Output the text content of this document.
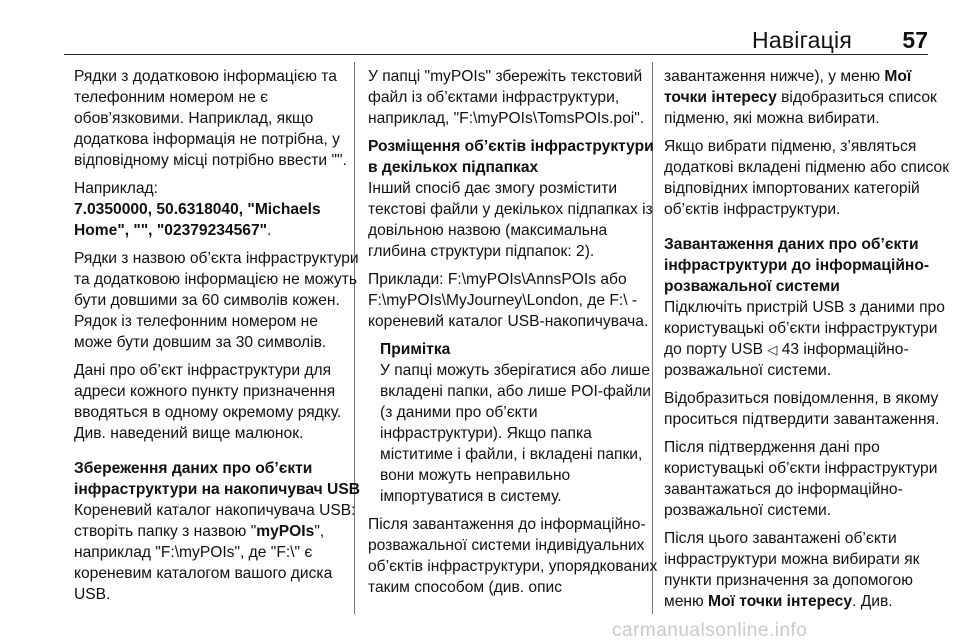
Навігація 57
Рядки з додатковою інформацією та телефонним номером не є обов’язковими. Наприклад, якщо додаткова інформація не потрібна, у відповідному місці потрібно ввести "".
Наприклад:
7.0350000, 50.6318040, "Michaels Home", "", "02379234567".
Рядки з назвою об’єкта інфраструктури та додатковою інформацією не можуть бути довшими за 60 символів кожен. Рядок із телефонним номером не може бути довшим за 30 символів.
Дані про об’єкт інфраструктури для адреси кожного пункту призначення вводяться в одному окремому рядку. Див. наведений вище малюнок.
Збереження даних про об’єкти інфраструктури на накопичувач USB
Кореневий каталог накопичувача USB: створіть папку з назвою "myPOIs", наприклад "F:\myPOIs", де "F:\" є кореневим каталогом вашого диска USB.
У папці "myPOIs" збережіть текстовий файл із об’єктами інфраструктури, наприклад, "F:\myPOIs\TomsPOIs.poi".
Розміщення об’єктів інфраструктури в декількох підпапках
Інший спосіб дає змогу розмістити текстові файли у декількох підпапках із довільною назвою (максимальна глибина структури підпапок: 2).
Приклади: F:\myPOIs\AnnsPOIs або F:\myPOIs\MyJourney\London, де F:\ - кореневий каталог USB-накопичувача.
Примітка
У папці можуть зберігатися або лише вкладені папки, або лише POI-файли (з даними про об’єкти інфраструктури). Якщо папка міститиме і файли, і вкладені папки, вони можуть неправильно імпортуватися в систему.
Після завантаження до інформаційно-розважальної системи індивідуальних об’єктів інфраструктури, упорядкованих таким способом (див. опис
завантаження нижче), у меню Мої точки інтересу відобразиться список підменю, які можна вибирати.
Якщо вибрати підменю, з’являться додаткові вкладені підменю або список відповідних імпортованих категорій об’єктів інфраструктури.
Завантаження даних про об’єкти інфраструктури до інформаційно-розважальної системи
Підключіть пристрій USB з даними про користувацькі об’єкти інфраструктури до порту USB ◁ 43 інформаційно-розважальної системи.
Відобразиться повідомлення, в якому проситься підтвердити завантаження.
Після підтвердження дані про користувацькі об’єкти інфраструктури завантажаться до інформаційно-розважальної системи.
Після цього завантажені об’єкти інфраструктури можна вибирати як пункти призначення за допомогою меню Мої точки інтересу. Див.
carmanualsonline.info
